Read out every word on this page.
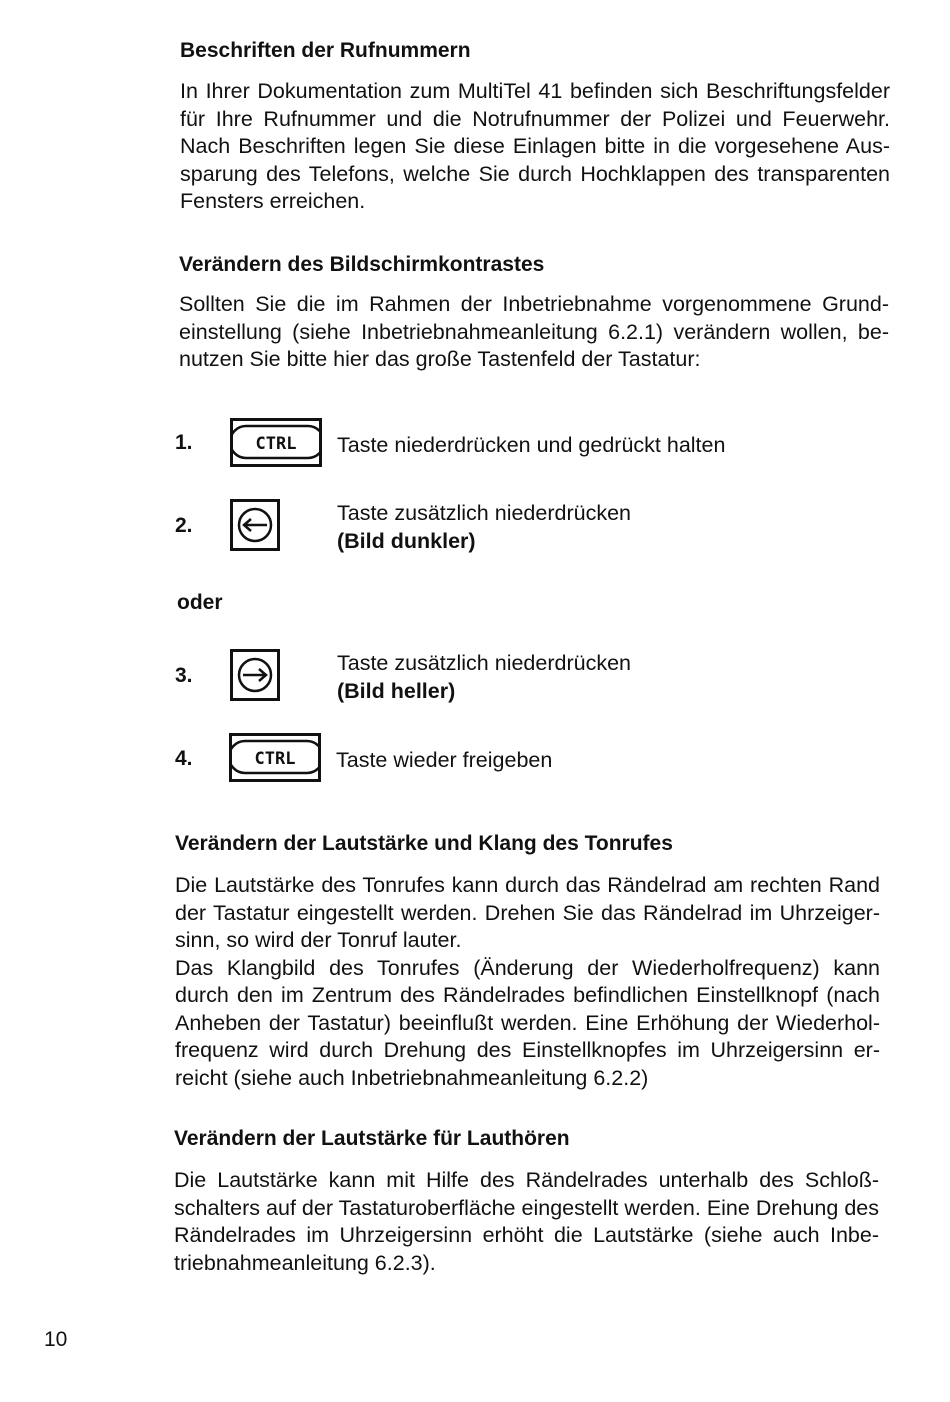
Beschriften der Rufnummern

In Ihrer Dokumentation zum MultiTel 41 befinden sich Beschriftungsfelder
für Ihre Rufnummer und die Notrufnummer der Polizei und Feuerwehr.
Nach Beschriften legen Sie diese Einlagen bitte in die vorgesehene Aus-
sparung des Telefons, welche Sie durch Hochklappen des transparenten
Fensters erreichen.

Verändern des Bildschirmkontrastes

Sollten Sie die im Rahmen der Inbetriebnahme vorgenommene Grund-
einstellung (siehe Inbetriebnahmeanleitung 6.2.1) verändern wollen, be-
nutzen Sie bitte hier das große Tastenfeld der Tastatur:

1.	CTRL Taste niederdrücken und gedrückt halten
2.
Taste zusätzlich niederdrücken
(Bild dunkler)
oder
3.
Taste zusätzlich niederdrücken
(Bild heller)
4.	CTRL Taste wieder freigeben
Verändern der Lautstärke und Klang des Tonrufes

Die Lautstärke des Tonrufes kann durch das Rändelrad am rechten Rand
der Tastatur eingestellt werden. Drehen Sie das Rändelrad im Uhrzeiger-
sinn, so wird der Tonruf lauter.
Das Klangbild des Tonrufes (Änderung der Wiederholfrequenz) kann
durch den im Zentrum des Rändelrades befindlichen Einstellknopf (nach
Anheben der Tastatur) beeinflußt werden. Eine Erhöhung der Wiederhol-
frequenz wird durch Drehung des Einstellknopfes im Uhrzeigersinn er-
reicht (siehe auch Inbetriebnahmeanleitung 6.2.2)

Verändern der Lautstärke für Lauthören

Die Lautstärke kann mit Hilfe des Rändelrades unterhalb des Schloß-
schalters auf der Tastaturoberfläche eingestellt werden. Eine Drehung des
Rändelrades im Uhrzeigersinn erhöht die Lautstärke (siehe auch Inbe-
triebnahmeanleitung 6.2.3).

10
